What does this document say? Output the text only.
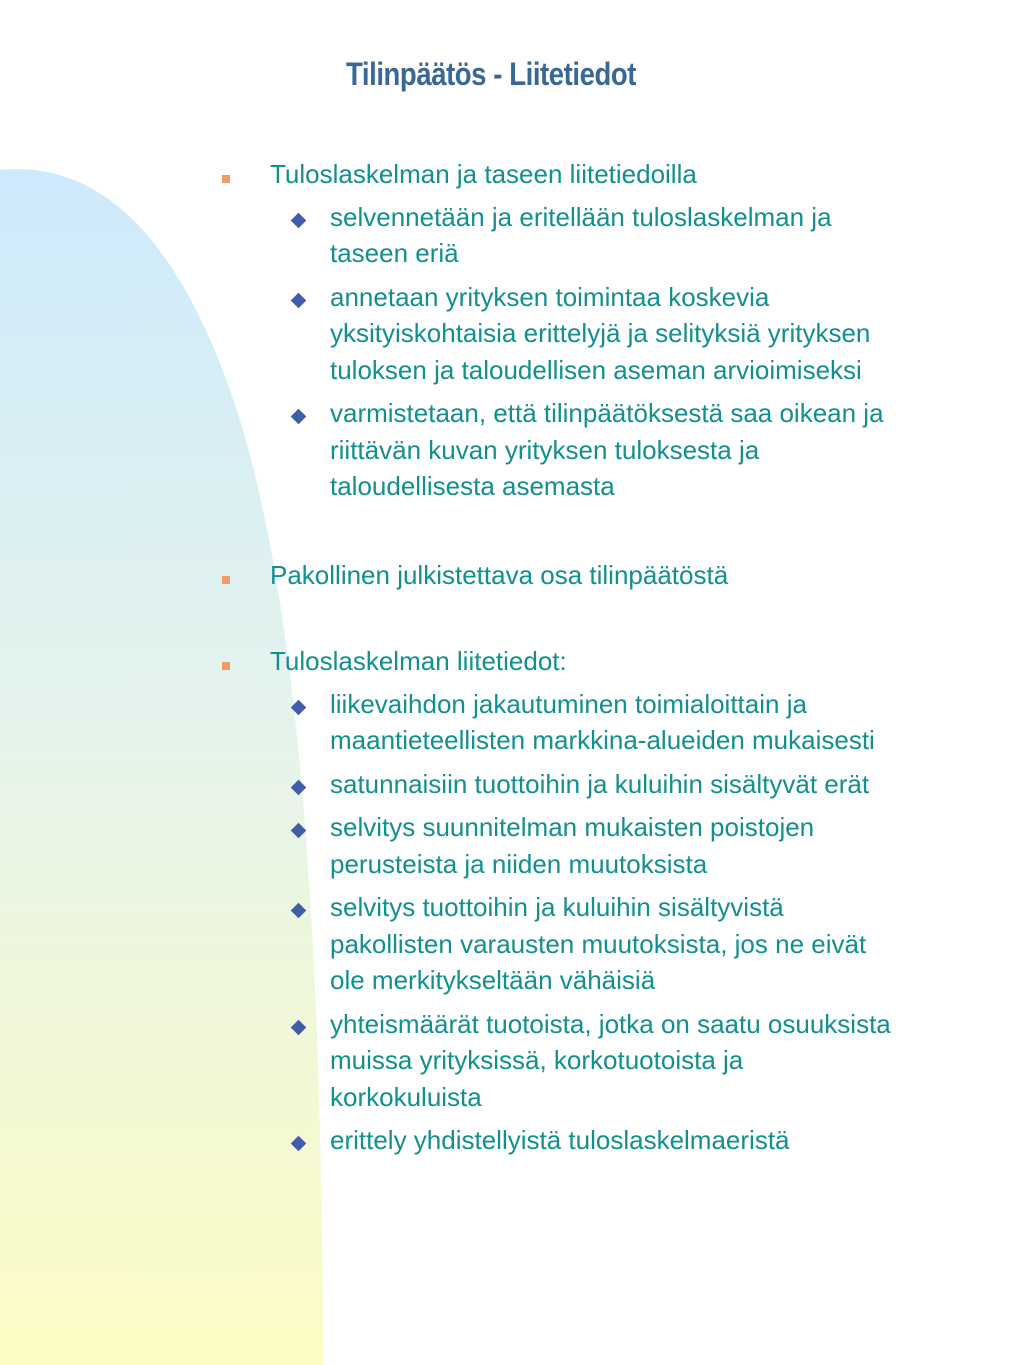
Tilinpäätös - Liitetiedot
Tuloslaskelman ja taseen liitetiedoilla
selvennetään ja eritellään tuloslaskelman ja
taseen eriä
annetaan yrityksen toimintaa koskevia
yksityiskohtaisia erittelyjä ja selityksiä yrityksen
tuloksen ja taloudellisen aseman arvioimiseksi
varmistetaan, että tilinpäätöksestä saa oikean ja
riittävän kuvan yrityksen tuloksesta ja
taloudellisesta asemasta
Pakollinen julkistettava osa tilinpäätöstä
Tuloslaskelman liitetiedot:
liikevaihdon jakautuminen toimialoittain ja
maantieteellisten markkina-alueiden mukaisesti
satunnaisiin tuottoihin ja kuluihin sisältyvät erät
selvitys suunnitelman mukaisten poistojen
perusteista ja niiden muutoksista
selvitys tuottoihin ja kuluihin sisältyvistä
pakollisten varausten muutoksista, jos ne eivät
ole merkitykseltään vähäisiä
yhteismäärät tuotoista, jotka on saatu osuuksista
muissa yrityksissä, korkotuotoista ja
korkokuluista
erittely yhdistellyistä tuloslaskelmaeristä
